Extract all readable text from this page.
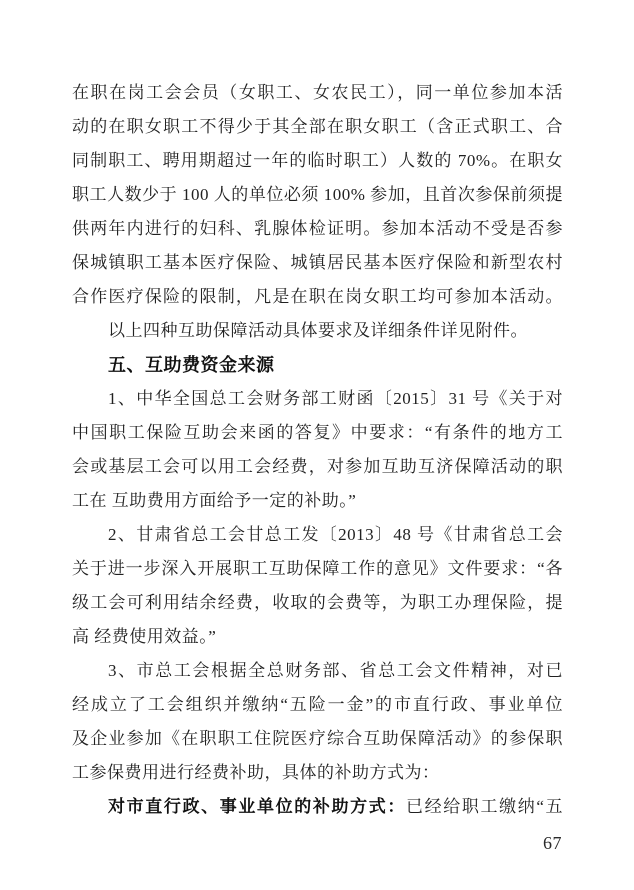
在职在岗工会会员（女职工、女农民工），同一单位参加本活
动的在职女职工不得少于其全部在职女职工（含正式职工、合
同制职工、聘用期超过一年的临时职工）人数的 70%。在职女
职工人数少于 100 人的单位必须 100% 参加，且首次参保前须提
供两年内进行的妇科、乳腺体检证明。参加本活动不受是否参
保城镇职工基本医疗保险、城镇居民基本医疗保险和新型农村
合作医疗保险的限制，凡是在职在岗女职工均可参加本活动。
以上四种互助保障活动具体要求及详细条件详见附件。
五、互助费资金来源
1、中华全国总工会财务部工财函〔2015〕31 号《关于对
中国职工保险互助会来函的答复》中要求：“有条件的地方工
会或基层工会可以用工会经费，对参加互助互济保障活动的职
工在 互助费用方面给予一定的补助。”
2、甘肃省总工会甘总工发〔2013〕48 号《甘肃省总工会
关于进一步深入开展职工互助保障工作的意见》文件要求：“各
级工会可利用结余经费，收取的会费等，为职工办理保险，提
高 经费使用效益。”
3、市总工会根据全总财务部、省总工会文件精神，对已
经成立了工会组织并缴纳“五险一金”的市直行政、事业单位
及企业参加《在职职工住院医疗综合互助保障活动》的参保职
工参保费用进行经费补助，具体的补助方式为：
对市直行政、事业单位的补助方式：已经给职工缴纳“五
67
